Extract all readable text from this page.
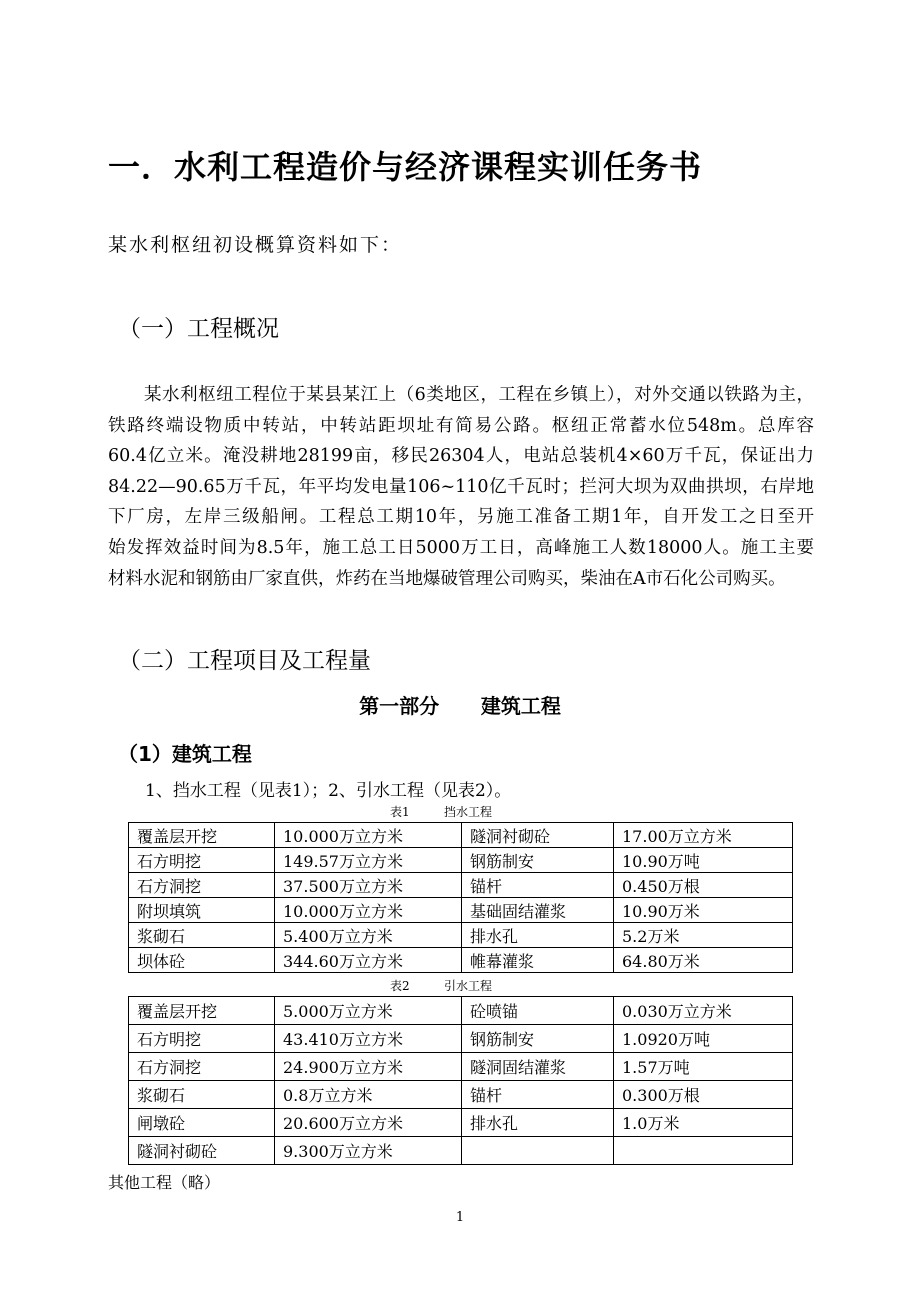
一．水利工程造价与经济课程实训任务书
某水利枢纽初设概算资料如下：
（一）工程概况
某水利枢纽工程位于某县某江上（6类地区，工程在乡镇上），对外交通以铁路为主，
铁路终端设物质中转站，中转站距坝址有简易公路。枢纽正常蓄水位548m。总库容
60.4亿立米。淹没耕地28199亩，移民26304人，电站总装机4×60万千瓦，保证出力
84.22—90.65万千瓦，年平均发电量106~110亿千瓦时；拦河大坝为双曲拱坝，右岸地
下厂房，左岸三级船闸。工程总工期10年，另施工准备工期1年，自开发工之日至开
始发挥效益时间为8.5年，施工总工日5000万工日，高峰施工人数18000人。施工主要
材料水泥和钢筋由厂家直供，炸药在当地爆破管理公司购买，柴油在A市石化公司购买。
（二）工程项目及工程量
第一部分      建筑工程
（1）建筑工程
1、挡水工程（见表1）；2、引水工程（见表2）。
表1         挡水工程
覆盖层开挖	10.000万立方米	隧洞衬砌砼	17.00万立方米
石方明挖	149.57万立方米	钢筋制安	10.90万吨
石方洞挖	37.500万立方米	锚杆	0.450万根
附坝填筑	10.000万立方米	基础固结灌浆	10.90万米
浆砌石	5.400万立方米	排水孔	5.2万米
坝体砼	344.60万立方米	帷幕灌浆	64.80万米
表2         引水工程
覆盖层开挖	5.000万立方米	砼喷锚	0.030万立方米
石方明挖	43.410万立方米	钢筋制安	1.0920万吨
石方洞挖	24.900万立方米	隧洞固结灌浆	1.57万吨
浆砌石	0.8万立方米	锚杆	0.300万根
闸墩砼	20.600万立方米	排水孔	1.0万米
隧洞衬砌砼	9.300万立方米		
其他工程（略）
1
